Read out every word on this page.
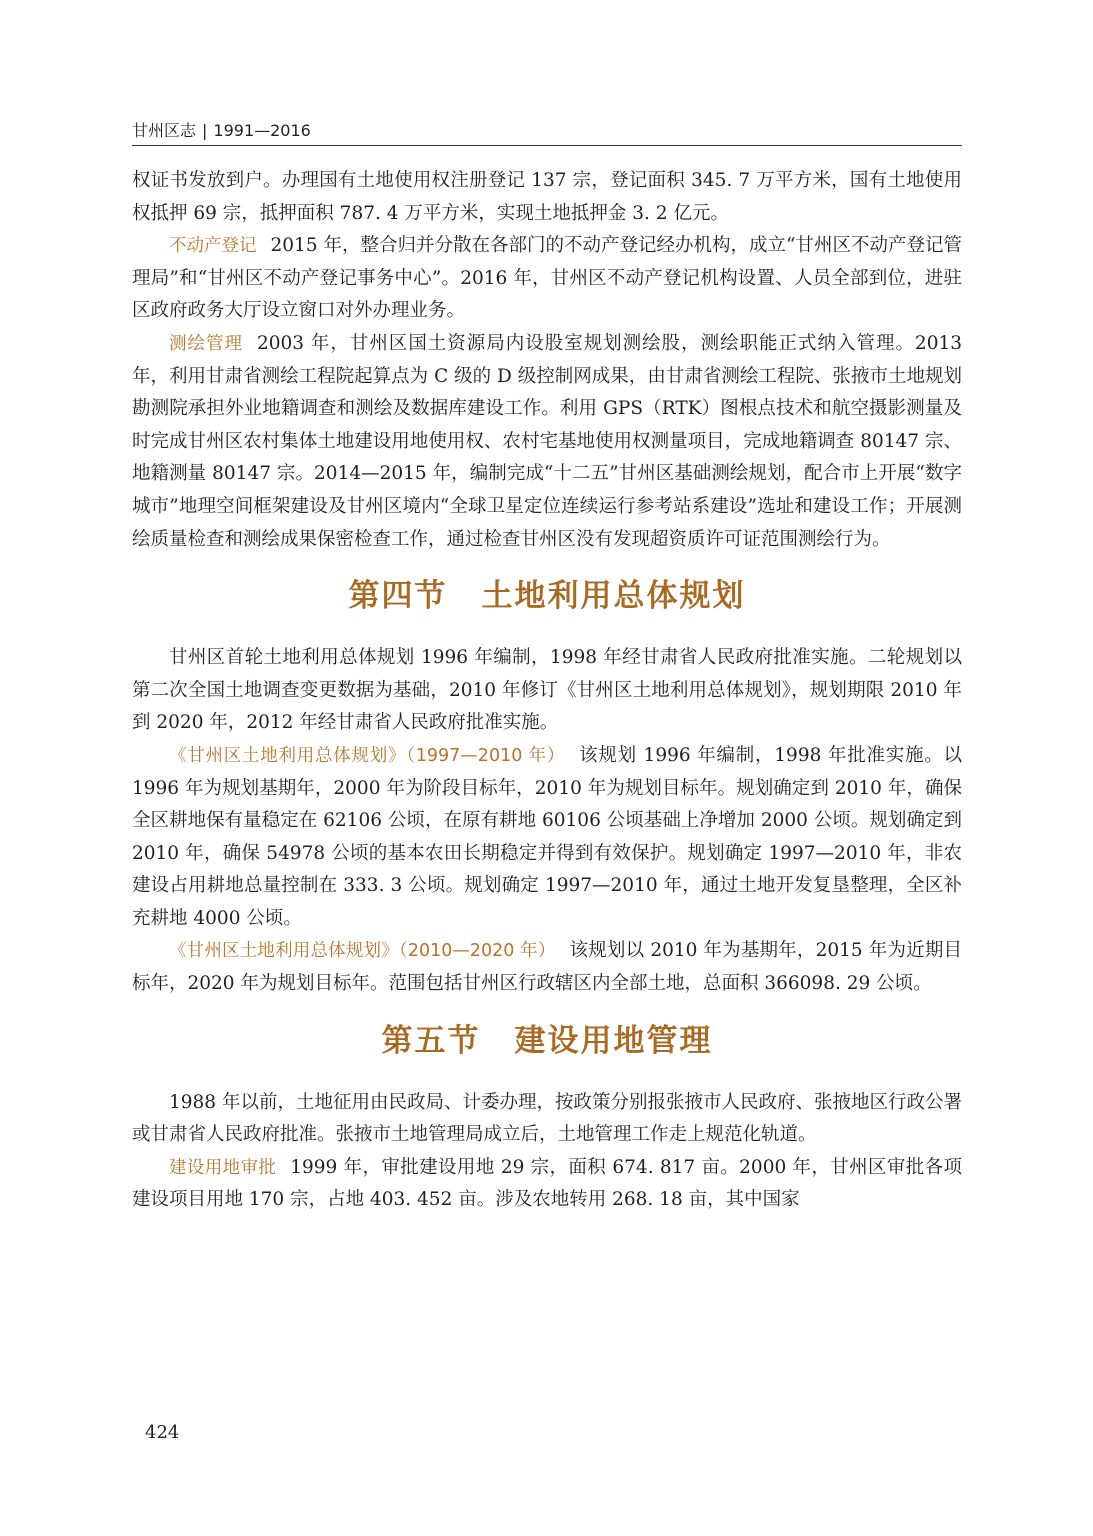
甘州区志 | 1991—2016

权证书发放到户。办理国有土地使用权注册登记 137 宗，登记面积 345. 7 万平方米，国有土地使用权抵押 69 宗，抵押面积 787. 4 万平方米，实现土地抵押金 3. 2 亿元。

不动产登记 2015 年，整合归并分散在各部门的不动产登记经办机构，成立“甘州区不动产登记管理局”和“甘州区不动产登记事务中心”。2016 年，甘州区不动产登记机构设置、人员全部到位，进驻区政府政务大厅设立窗口对外办理业务。

测绘管理 2003 年，甘州区国土资源局内设股室规划测绘股，测绘职能正式纳入管理。2013 年，利用甘肃省测绘工程院起算点为 C 级的 D 级控制网成果，由甘肃省测绘工程院、张掖市土地规划勘测院承担外业地籍调查和测绘及数据库建设工作。利用 GPS（RTK）图根点技术和航空摄影测量及时完成甘州区农村集体土地建设用地使用权、农村宅基地使用权测量项目，完成地籍调查 80147 宗、地籍测量 80147 宗。2014—2015 年，编制完成“十二五”甘州区基础测绘规划，配合市上开展“数字城市”地理空间框架建设及甘州区境内“全球卫星定位连续运行参考站系建设”选址和建设工作；开展测绘质量检查和测绘成果保密检查工作，通过检查甘州区没有发现超资质许可证范围测绘行为。

第四节 土地利用总体规划

甘州区首轮土地利用总体规划 1996 年编制，1998 年经甘肃省人民政府批准实施。二轮规划以第二次全国土地调查变更数据为基础，2010 年修订《甘州区土地利用总体规划》，规划期限 2010 年到 2020 年，2012 年经甘肃省人民政府批准实施。

《甘州区土地利用总体规划》（1997—2010 年） 该规划 1996 年编制，1998 年批准实施。以 1996 年为规划基期年，2000 年为阶段目标年，2010 年为规划目标年。规划确定到 2010 年，确保全区耕地保有量稳定在 62106 公顷，在原有耕地 60106 公顷基础上净增加 2000 公顷。规划确定到 2010 年，确保 54978 公顷的基本农田长期稳定并得到有效保护。规划确定 1997—2010 年，非农建设占用耕地总量控制在 333. 3 公顷。规划确定 1997—2010 年，通过土地开发复垦整理，全区补充耕地 4000 公顷。

《甘州区土地利用总体规划》（2010—2020 年） 该规划以 2010 年为基期年，2015 年为近期目标年，2020 年为规划目标年。范围包括甘州区行政辖区内全部土地，总面积 366098. 29 公顷。

第五节 建设用地管理

1988 年以前，土地征用由民政局、计委办理，按政策分别报张掖市人民政府、张掖地区行政公署或甘肃省人民政府批准。张掖市土地管理局成立后，土地管理工作走上规范化轨道。

建设用地审批 1999 年，审批建设用地 29 宗，面积 674. 817 亩。2000 年，甘州区审批各项建设项目用地 170 宗，占地 403. 452 亩。涉及农地转用 268. 18 亩，其中国家

424
